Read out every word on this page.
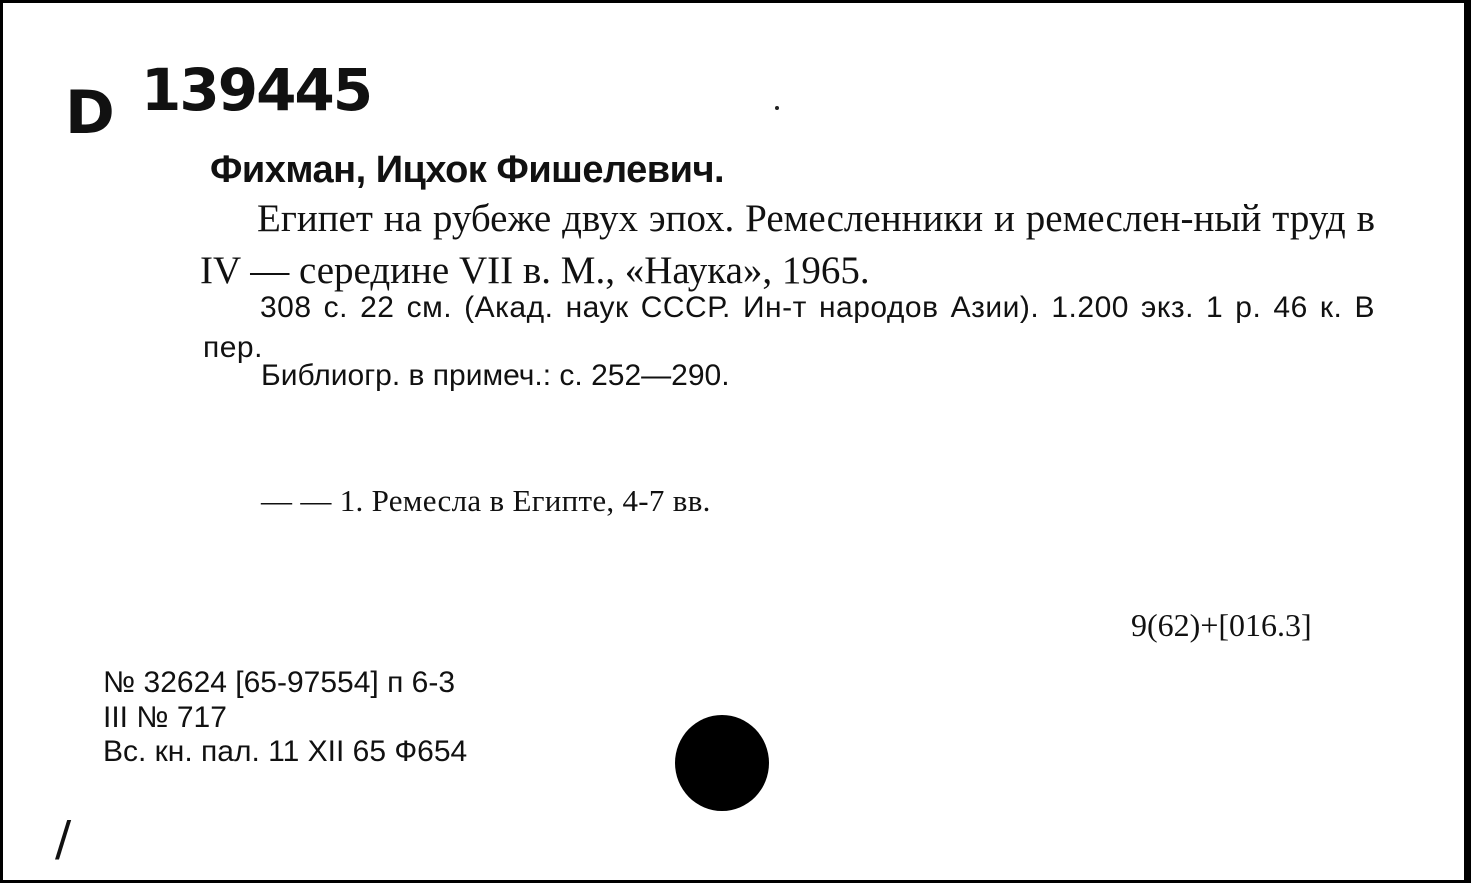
D 139445
Фихман, Ицхок Фишелевич.
Египет на рубеже двух эпох. Ремесленники и ремеслен-ный труд в IV — середине VII в. М., «Наука», 1965.
308 с. 22 см. (Акад. наук СССР. Ин-т народов Азии). 1.200 экз. 1 р. 46 к. В пер.
Библиогр. в примеч.: с. 252—290.
— — 1. Ремесла в Египте, 4-7 вв.
9(62)+[016.3]
№ 32624 [65-97554] п 6-3
III № 717
Вс. кн. пал. 11 XII 65 Ф654
/
